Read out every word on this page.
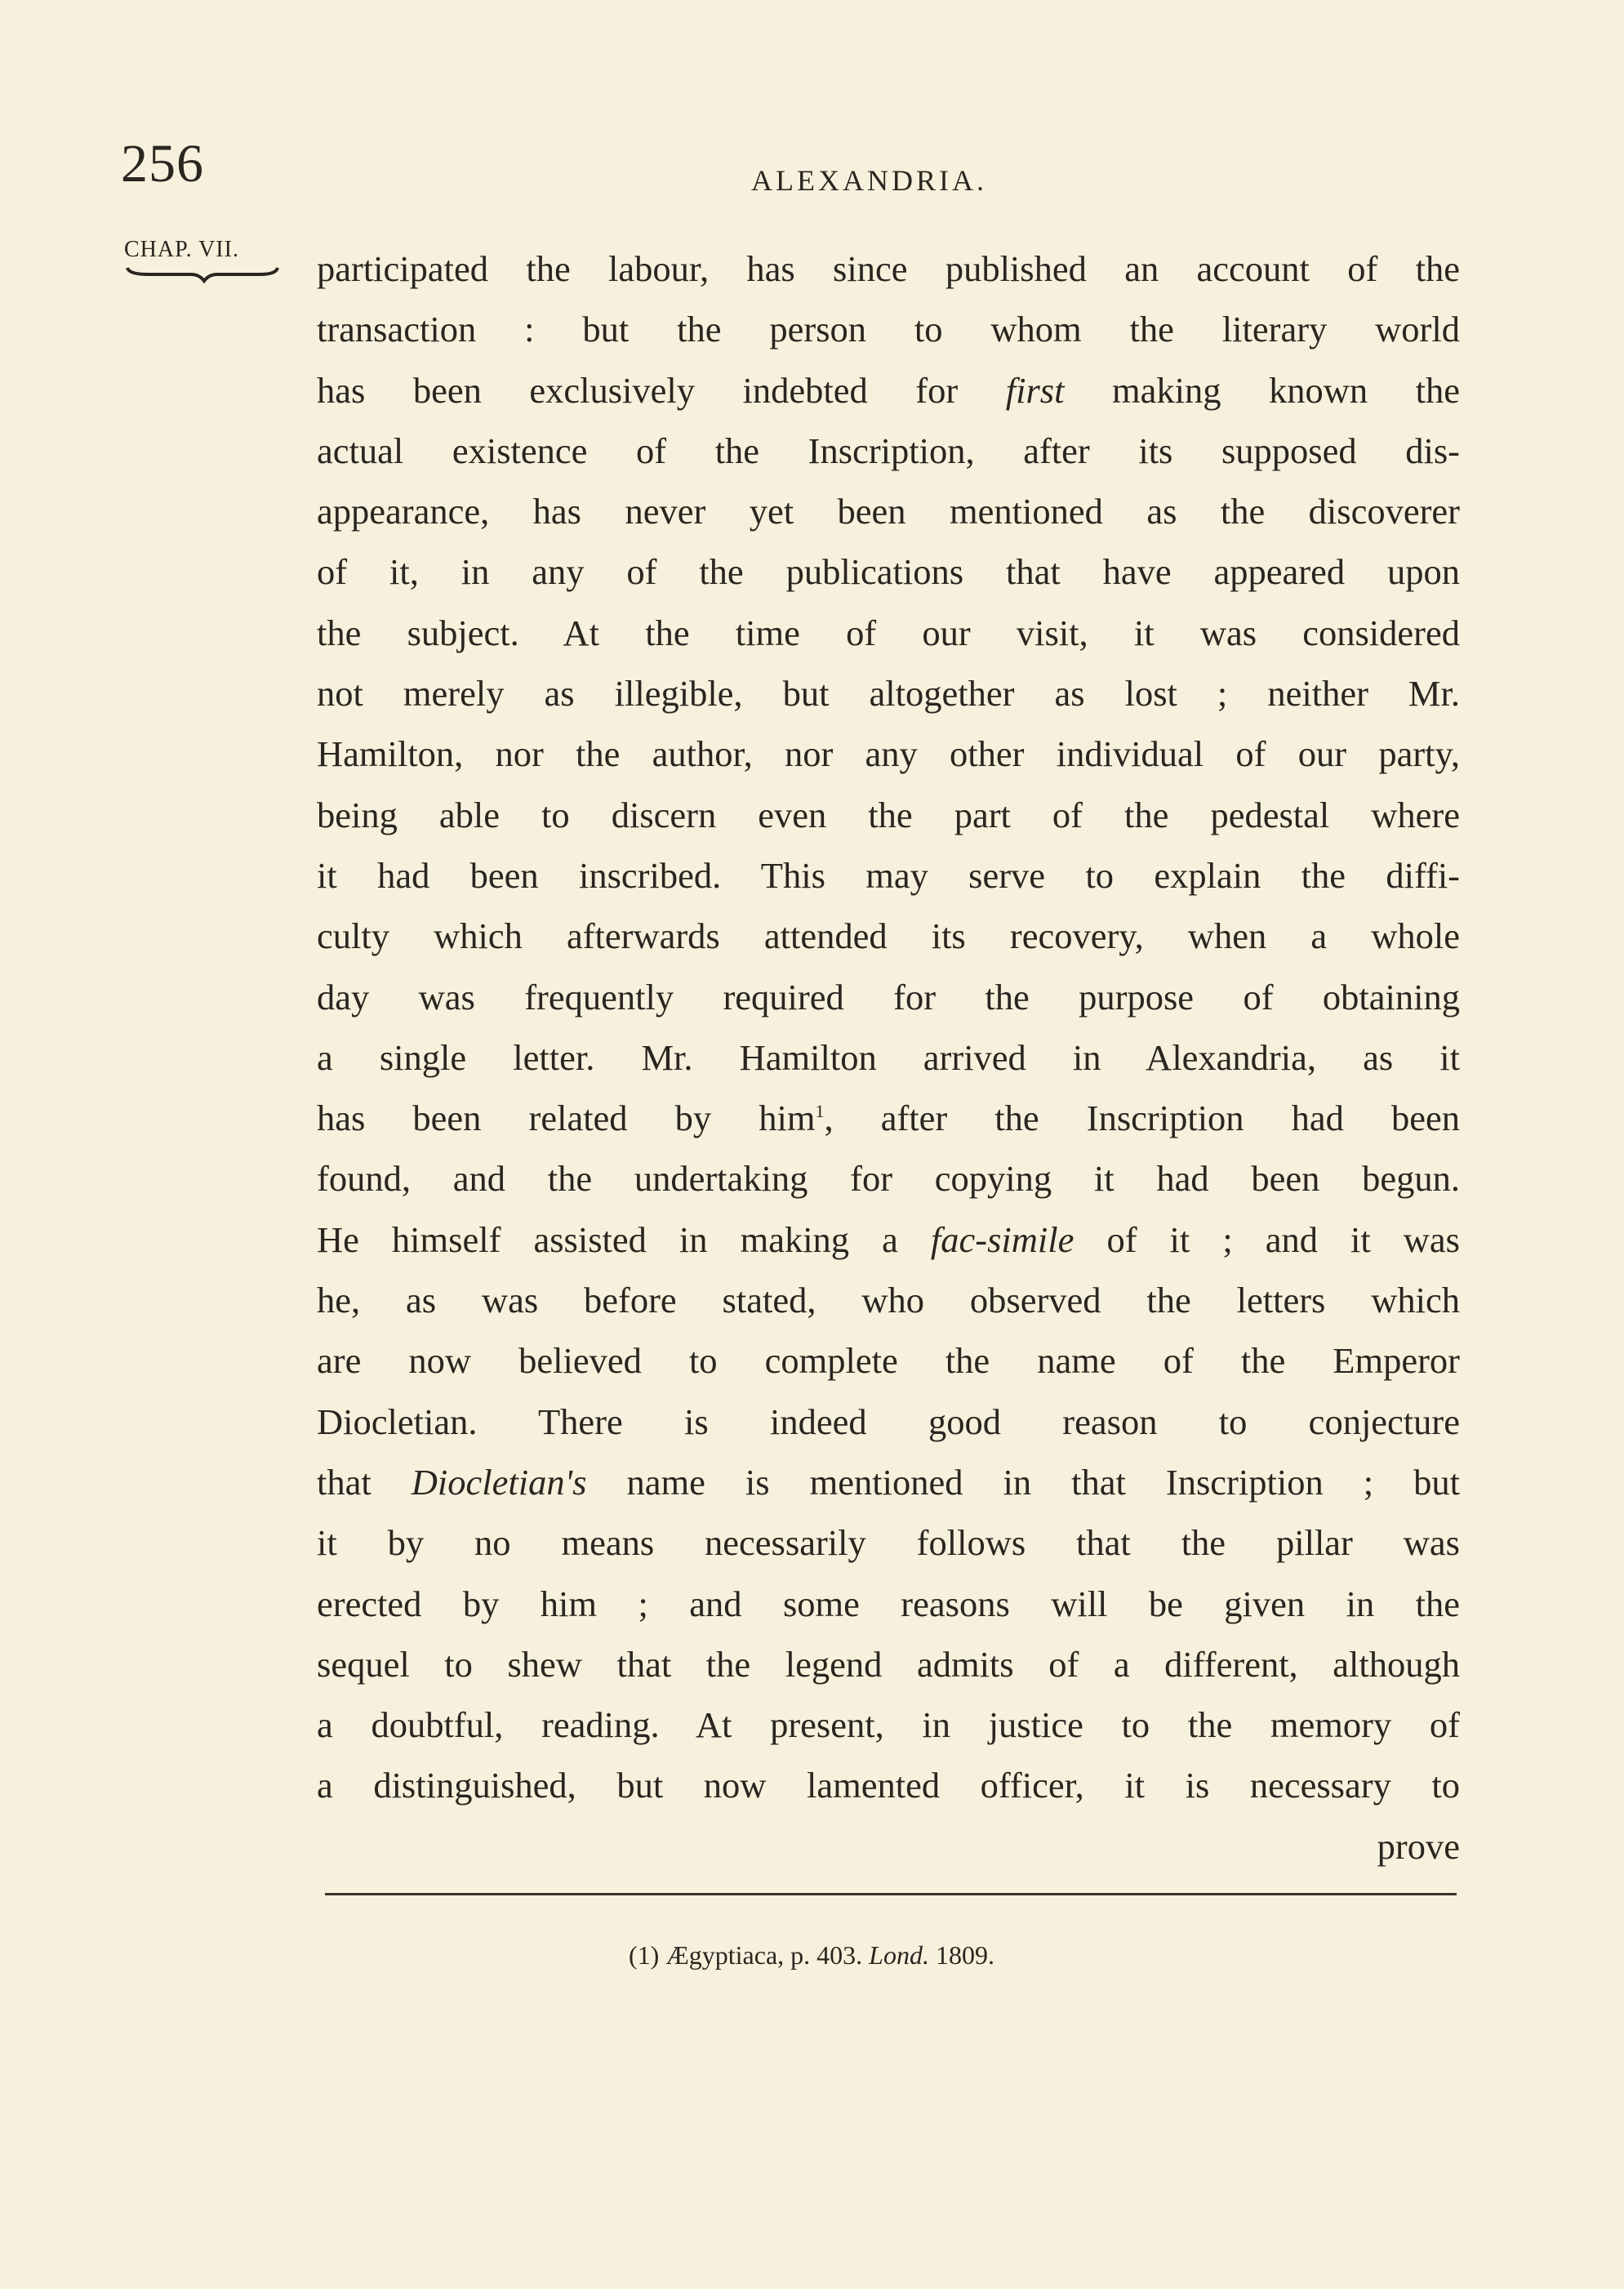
256	ALEXANDRIA.
CHAP. VII.	participated the labour, has since published an account of the
transaction : but the person to whom the literary world
has been exclusively indebted for first making known the
actual existence of the Inscription, after its supposed dis-
appearance, has never yet been mentioned as the discoverer
of it, in any of the publications that have appeared upon
the subject. At the time of our visit, it was considered
not merely as illegible, but altogether as lost ; neither Mr.
Hamilton, nor the author, nor any other individual of our party,
being able to discern even the part of the pedestal where
it had been inscribed. This may serve to explain the diffi-
culty which afterwards attended its recovery, when a whole
day was frequently required for the purpose of obtaining
a single letter. Mr. Hamilton arrived in Alexandria, as it
has been related by him$^1$, after the Inscription had been
found, and the undertaking for copying it had been begun.
He himself assisted in making a fac-simile of it ; and it was
he, as was before stated, who observed the letters which
are now believed to complete the name of the Emperor
Diocletian. There is indeed good reason to conjecture
that Diocletian's name is mentioned in that Inscription ; but
it by no means necessarily follows that the pillar was
erected by him ; and some reasons will be given in the
sequel to shew that the legend admits of a different, although
a doubtful, reading. At present, in justice to the memory of
a distinguished, but now lamented officer, it is necessary to
prove
(1) Ægyptiaca, p. 403. Lond. 1809.
